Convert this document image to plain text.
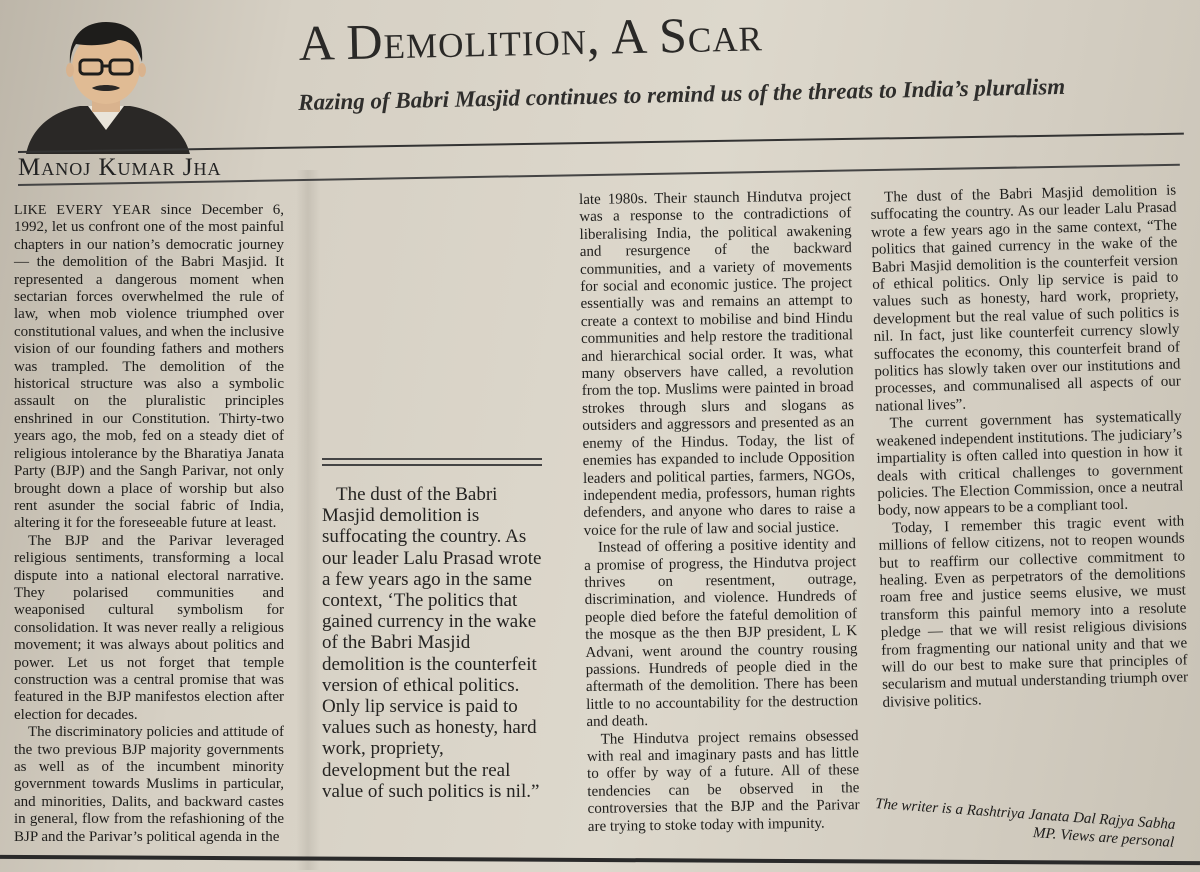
A Demolition, A Scar
Razing of Babri Masjid continues to remind us of the threats to India’s pluralism
Manoj Kumar Jha

LIKE EVERY YEAR since December 6, 1992, let us confront one of the most painful chapters in our nation’s democratic journey — the demolition of the Babri Masjid. It represented a dangerous moment when sectarian forces overwhelmed the rule of law, when mob violence triumphed over constitutional values, and when the inclusive vision of our founding fathers and mothers was trampled. The demolition of the historical structure was also a symbolic assault on the pluralistic principles enshrined in our Constitution. Thirty-two years ago, the mob, fed on a steady diet of religious intolerance by the Bharatiya Janata Party (BJP) and the Sangh Parivar, not only brought down a place of worship but also rent asunder the social fabric of India, altering it for the foreseeable future at least.

The BJP and the Parivar leveraged religious sentiments, transforming a local dispute into a national electoral narrative. They polarised communities and weaponised cultural symbolism for consolidation. It was never really a religious movement; it was always about politics and power. Let us not forget that temple construction was a central promise that was featured in the BJP manifestos election after election for decades.

The discriminatory policies and attitude of the two previous BJP majority governments as well as of the incumbent minority government towards Muslims in particular, and minorities, Dalits, and backward castes in general, flow from the refashioning of the BJP and the Parivar’s political agenda in the

The dust of the Babri Masjid demolition is suffocating the country. As our leader Lalu Prasad wrote a few years ago in the same context, ‘The politics that gained currency in the wake of the Babri Masjid demolition is the counterfeit version of ethical politics. Only lip service is paid to values such as honesty, hard work, propriety, development but the real value of such politics is nil.”

late 1980s. Their staunch Hindutva project was a response to the contradictions of liberalising India, the political awakening and resurgence of the backward communities, and a variety of movements for social and economic justice. The project essentially was and remains an attempt to create a context to mobilise and bind Hindu communities and help restore the traditional and hierarchical social order. It was, what many observers have called, a revolution from the top. Muslims were painted in broad strokes through slurs and slogans as outsiders and aggressors and presented as an enemy of the Hindus. Today, the list of enemies has expanded to include Opposition leaders and political parties, farmers, NGOs, independent media, professors, human rights defenders, and anyone who dares to raise a voice for the rule of law and social justice.

Instead of offering a positive identity and a promise of progress, the Hindutva project thrives on resentment, outrage, discrimination, and violence. Hundreds of people died before the fateful demolition of the mosque as the then BJP president, L K Advani, went around the country rousing passions. Hundreds of people died in the aftermath of the demolition. There has been little to no accountability for the destruction and death.

The Hindutva project remains obsessed with real and imaginary pasts and has little to offer by way of a future. All of these tendencies can be observed in the controversies that the BJP and the Parivar are trying to stoke today with impunity.

The dust of the Babri Masjid demolition is suffocating the country. As our leader Lalu Prasad wrote a few years ago in the same context, “The politics that gained currency in the wake of the Babri Masjid demolition is the counterfeit version of ethical politics. Only lip service is paid to values such as honesty, hard work, propriety, development but the real value of such politics is nil. In fact, just like counterfeit currency slowly suffocates the economy, this counterfeit brand of politics has slowly taken over our institutions and processes, and communalised all aspects of our national lives”.

The current government has systematically weakened independent institutions. The judiciary’s impartiality is often called into question in how it deals with critical challenges to government policies. The Election Commission, once a neutral body, now appears to be a compliant tool.

Today, I remember this tragic event with millions of fellow citizens, not to reopen wounds but to reaffirm our collective commitment to healing. Even as perpetrators of the demolitions roam free and justice seems elusive, we must transform this painful memory into a resolute pledge — that we will resist religious divisions from fragmenting our national unity and that we will do our best to make sure that principles of secularism and mutual understanding triumph over divisive politics.

The writer is a Rashtriya Janata Dal Rajya Sabha MP. Views are personal
